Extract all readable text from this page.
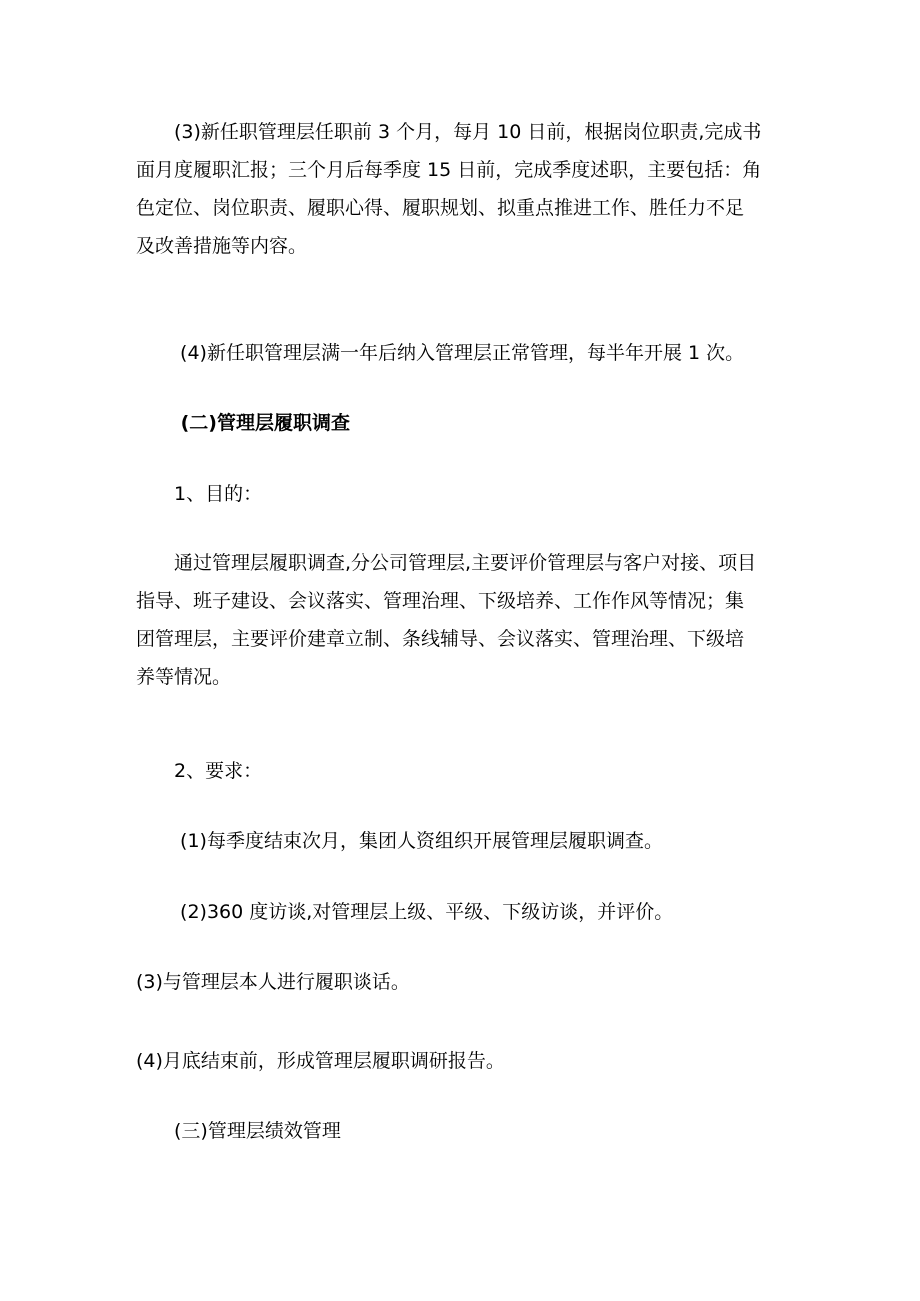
　　(3)新任职管理层任职前 3 个月，每月 10 日前，根据岗位职责,完成书
面月度履职汇报；三个月后每季度 15 日前，完成季度述职，主要包括：角
色定位、岗位职责、履职心得、履职规划、拟重点推进工作、胜任力不足
及改善措施等内容。
　　 (4)新任职管理层满一年后纳入管理层正常管理，每半年开展 1 次。
　　 (二)管理层履职调查
　　1、目的：
　　通过管理层履职调查,分公司管理层,主要评价管理层与客户对接、项目
指导、班子建设、会议落实、管理治理、下级培养、工作作风等情况；集
团管理层，主要评价建章立制、条线辅导、会议落实、管理治理、下级培
养等情况。
　　2、要求：
　　 (1)每季度结束次月，集团人资组织开展管理层履职调查。
　　 (2)360 度访谈,对管理层上级、平级、下级访谈，并评价。
(3)与管理层本人进行履职谈话。
(4)月底结束前，形成管理层履职调研报告。
　　(三)管理层绩效管理
